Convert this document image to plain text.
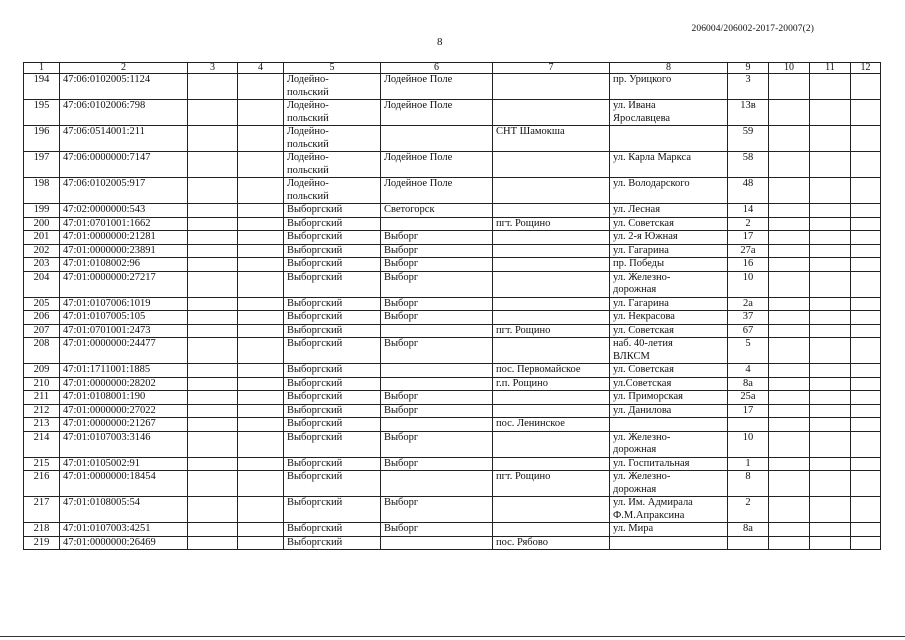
206004/206002-2017-20007(2)
8
1	2	3	4	5	6	7	8	9	10	11	12

194	47:06:0102005:1124			Лодейно-
польский	Лодейное Поле		пр. Урицкого	3			

195	47:06:0102006:798			Лодейно-
польский	Лодейное Поле		ул. Ивана
Ярославцева	13в			

196	47:06:0514001:211			Лодейно-
польский		СНТ Шамокша		59			

197	47:06:0000000:7147			Лодейно-
польский	Лодейное Поле		ул. Карла Маркса	58			

198	47:06:0102005:917			Лодейно-
польский	Лодейное Поле		ул. Володарского	48			

199	47:02:0000000:543			Выборгский	Светогорск		ул. Лесная	14			

200	47:01:0701001:1662			Выборгский		пгт. Рощино	ул. Советская	2			

201	47:01:0000000:21281			Выборгский	Выборг		ул. 2-я Южная	17			

202	47:01:0000000:23891			Выборгский	Выборг		ул. Гагарина	27а			

203	47:01:0108002:96			Выборгский	Выборг		пр. Победы	16			

204	47:01:0000000:27217			Выборгский	Выборг		ул. Железно-
дорожная	10			

205	47:01:0107006:1019			Выборгский	Выборг		ул. Гагарина	2а			

206	47:01:0107005:105			Выборгский	Выборг		ул. Некрасова	37			

207	47:01:0701001:2473			Выборгский		пгт. Рощино	ул. Советская	67			

208	47:01:0000000:24477			Выборгский	Выборг		наб. 40-летия
ВЛКСМ	5			

209	47:01:1711001:1885			Выборгский		пос. Первомайское	ул. Советская	4			

210	47:01:0000000:28202			Выборгский		г.п. Рощино	ул.Советская	8а			

211	47:01:0108001:190			Выборгский	Выборг		ул. Приморская	25а			

212	47:01:0000000:27022			Выборгский	Выборг		ул. Данилова	17			

213	47:01:0000000:21267			Выборгский		пос. Ленинское					

214	47:01:0107003:3146			Выборгский	Выборг		ул. Железно-
дорожная	10			

215	47:01:0105002:91			Выборгский	Выборг		ул. Госпитальная	1			

216	47:01:0000000:18454			Выборгский		пгт. Рощино	ул. Железно-
дорожная	8			

217	47:01:0108005:54			Выборгский	Выборг		ул. Им. Адмирала
Ф.М.Апраксина	2			

218	47:01:0107003:4251			Выборгский	Выборг		ул. Мира	8а			

219	47:01:0000000:26469			Выборгский		пос. Рябово					
